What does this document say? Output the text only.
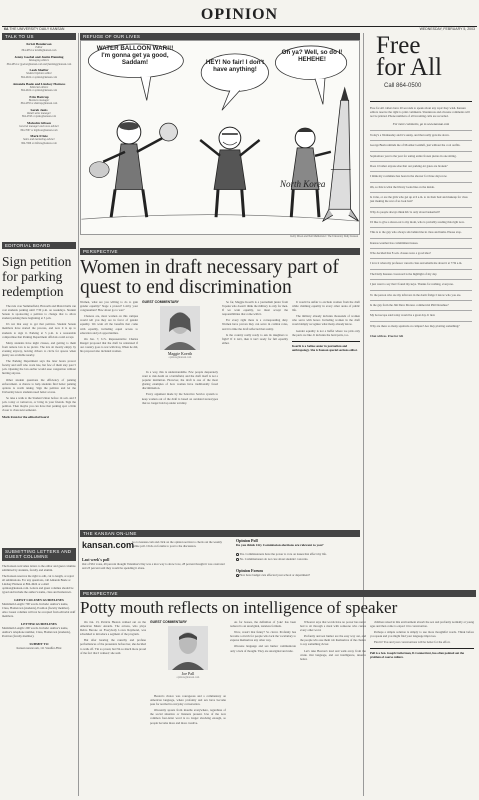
OPINION
6A THE UNIVERSITY DAILY KANSAN	WEDNESDAY, FEBRUARY 5, 2003
TALK TO US
Kristi Henderson
Editor
864-4854 or kristih@kansan.com
Jenny Goebel and Justin Henning
Managing editors
864-4854 or jgoebel@kansan.com and jhenning@kansan.com
Leah Shaffer
Student Opinion editor
864-4924 or opinion@kansan.com
Amanda Baele and Lindsey Harness
Editorial editors
864-4924 or opinion@kansan.com
Erin Hattrup
Business manager
864-4358 or ehattrup@kansan.com
Sarah Janis
Retail sales manager
864-4358 or sjanis@kansan.com
Malcolm Gibson
General manager and news adviser
864-7667 or mgibson@kansan.com
Mark Frisie
Sales and marketing adviser
864-7666 or mfrisie@kansan.com
REFUGE OF OUR LIVES
WATER BALLOON WAR!!! I'm gonna get ya good, Saddam!	HEY! No fair! I don't have anything!
Oh ya? Well, so do I! HEHEHE!
North Korea
Kelly Dixon and Neil Mulholland / The University Daily Kansan
Free
for All
Call 864-0500
Free for All callers have 20 seconds to speak about any topic they wish. Kansan editors reserve the right to print comments. Slanderous and obscene comments will not be printed. Phone numbers of all incoming calls are recorded.
For more comments, go to www.kansan.com
Today's a Wednesday and it's sunny, and that really gets me down.
George Bush reminds me of Moamar Gaddafi, just without the cool outfits.
Sophomore year is the year for eating entire frozen pizzas in one sitting.
Does it bother anyone else that our parking-lot gates are broken?
I think my roommate has been in the shower for three days now.
Oh, so this is what the library looks like on the inside.
Is it me, or are the girls who get up at 6 a.m. to do their hair and makeup for class just making the rest of us look bad?
Why do people always think KU is only about basketball?
I'd like to give a shout-out to my mom, who is probably reading this right now.
This is to the guy who always sits behind me in class and hums. Please stop.
Kansas weather has commitment issues.
Who decided that 8 a.m. classes were a good idea?
I love it when my professor cancels class and emails me about it at 7:59 a.m.
The Daily Kansan crossword is the highlight of my day.
I just want to say that I found my keys. Thanks for nothing, everyone.
To the person who ate my leftovers in the dorm fridge: I know who you are.
Is the guy from the Jim Dave Moreno commercial Phil Donahue?
My horoscope said today would be a great day. It lied.
Why are there so many squirrels on campus? Are they plotting something?
Chat with us. Free for All.
EDITORIAL BOARD
Sign petition for parking redemption

The rule over Summerfield, Haworth and Malott halls can cost students parking until 7:30 p.m. on weekdays. Student Senate is sponsoring a petition to change that to allow student parking there beginning at 5 p.m.

It's not that easy to get that petition. Student Senate members have started the process, and now it is up to students to sign it. Parking at 5 p.m. is a reasonable compromise that Parking Department officials could accept.

Many students have night classes, and getting to them from remote lots is no picnic. The lots sit mostly empty by evening anyway, leaving drivers to circle for spaces when plenty are available nearby.

The Parking Department says the later hours protect faculty and staff who work late, but few of them stay past 5 p.m. Opening the lots earlier would ease congestion without hurting anyone.

Other student questions the efficiency of parking enforcement. A chance to help students find better parking options is worth taking. Sign the petition and let the University know students need better access.

So take a walk to the Student Union before 14 a.m. and 3 p.m. today or tomorrow, or bring in your friends. Sign the petition. Then maybe you can have that parking spot a little closer to class next semester.

Mark Fenn for the editorial board
SUBMITTING LETTERS AND GUEST COLUMNS
The Kansan welcomes letters to the editor and guest columns submitted by students, faculty and alumni.
The Kansan reserves the right to edit, cut to length, or reject all submissions. For any questions, call Amanda Baele or Lindsey Harness at 864-4924 or e-mail opinion@kansan.com. Letters and guest columns should be typed and include the author's name, class and hometown.
GUEST COLUMN GUIDELINES
Maximum Length: 700 words. Include: Author's name, Class, Hometown (students), Position (faculty member). Also: Guest columns will not be accepted from editorial staff members.
LETTER GUIDELINES
Maximum Length: 200 words. Include: Author's name, Author's telephone number, Class, Hometown (students), Position (faculty member).
SUBMIT TO
Kansan newsroom, 111 Stauffer-Flint
PERSPECTIVE
Women in draft necessary part of quest to end discrimination

Women, what are you willing to do to gain gender equality? Stage a protest? Lobby your congressman? How about go to war?

Chances are, most women on this campus would tell you they are in favor of gender equality. We want all the benefits that come with equality, including equal access to education and job opportunities.

On Jan. 7, U.S. Representative Charles Rangel proposed that the draft be reinstated if our country goes to war with Iraq. When he did, his proposal also included women.

GUEST COMMENTARY
Maggie Koerth
opinion@kansan.com

In a way, this is understandable. Few people desperately want to risk death on a battlefield, and the draft itself is not a popular institution. However, the draft is one of the most glaring examples of how women have traditionally faced discrimination.

Every argument made by the Selective Service system to keep women out of the draft is based on outdated stereotypes that no longer hold up under scrutiny.

So far, Maggie Koerth is a journalism junior from Topeka who doesn't think the military is only for men. If we want equality, we must accept the responsibilities that come with it.

For every right there is a corresponding duty. Women have proven they can serve in combat roles, and it is time the draft reflected that reality.

Is the country really ready to ask its daughters to fight? If it isn't, then it isn't ready for full equality either.

It would be unfair to exclude women from the draft while claiming equality in every other arena of public life.

The military already includes thousands of women who serve with honor. Including women in the draft would simply recognize what many already know.

Gender equality is not a buffet where we pick only the parts we like. It includes the hard parts, too.

Koerth is a Salina senior in journalism and anthropology. She is Kansan special sections editor.
THE KANSAN ON-LINE
kansan.com
Go to kansan.com and click on the opinion section to check out the weekly online poll. Click on forums to post to the discussion.
Last week's poll
Out of 961 votes, 49 percent thought Valentine's Day was a nice way to show love, 28 percent thought it was overrated and 23 percent said they would be spending it alone.
Opinion Poll
Do you think City Commission elections are relevant to you?
Yes. Commissioners have the power to vote on issues that affect my life.
No. Commissioners do not care about students' concerns.
Opinion Forum
How have budget cuts affected your school or department?
PERSPECTIVE
Potty mouth reflects on intelligence of speaker

On Jan. 13, Patricia Heaton walked out on the American Music Awards. The actress, who plays Debra Barone on Everybody Loves Raymond, was scheduled to introduce a segment of the program.

But after hearing the raunchy and profane performances of the presenters before her, she decided to walk off. 'I'm so proud, but I'm so much more proud of the fact that I walked,' she said.

GUEST COMMENTARY
Joe Pall
opinion@kansan.com

Heaton's choice was courageous and a commentary on American language, where profanity and sex have become pass for normal in everyday conversation.

Obscenity spouts from mouths everywhere, regardless of the social situation or listeners present. Use of the now common four-letter word is no longer shocking enough, so people become more and more creative.

As for bosses, the definition of 'joke' has been reduced to an unoriginal, tasteless formula.

Wow, wasn't that funny? So clever. Profanity has become a crutch for people who lack the vocabulary to express themselves any other way.

Obscene language and sex humor communicate only a lack of thought. They are unoriginal and rude.

Whoever says that words have no power has never had to sit through a meal with someone who curses every other word.

Profanity and sex humor are the easy way out, and the people who use them rob themselves of the chance to say something clever.

Let's take Heaton's lead and walk away from the crude. Our language, and our intelligence, deserve better.

children raised in this environment absorb the sex and profanity normally at young ages and then come to expect it in conversation.

Perhaps a simple solution is simply to use more thoughtful words. Think before you speak and you might find your language improves.

Find it! You and your conversations will be better for the effort.

Pall is a Sen. Joseph Lieberman, D-Connecticut, has often pointed out the problem of coarse culture.
